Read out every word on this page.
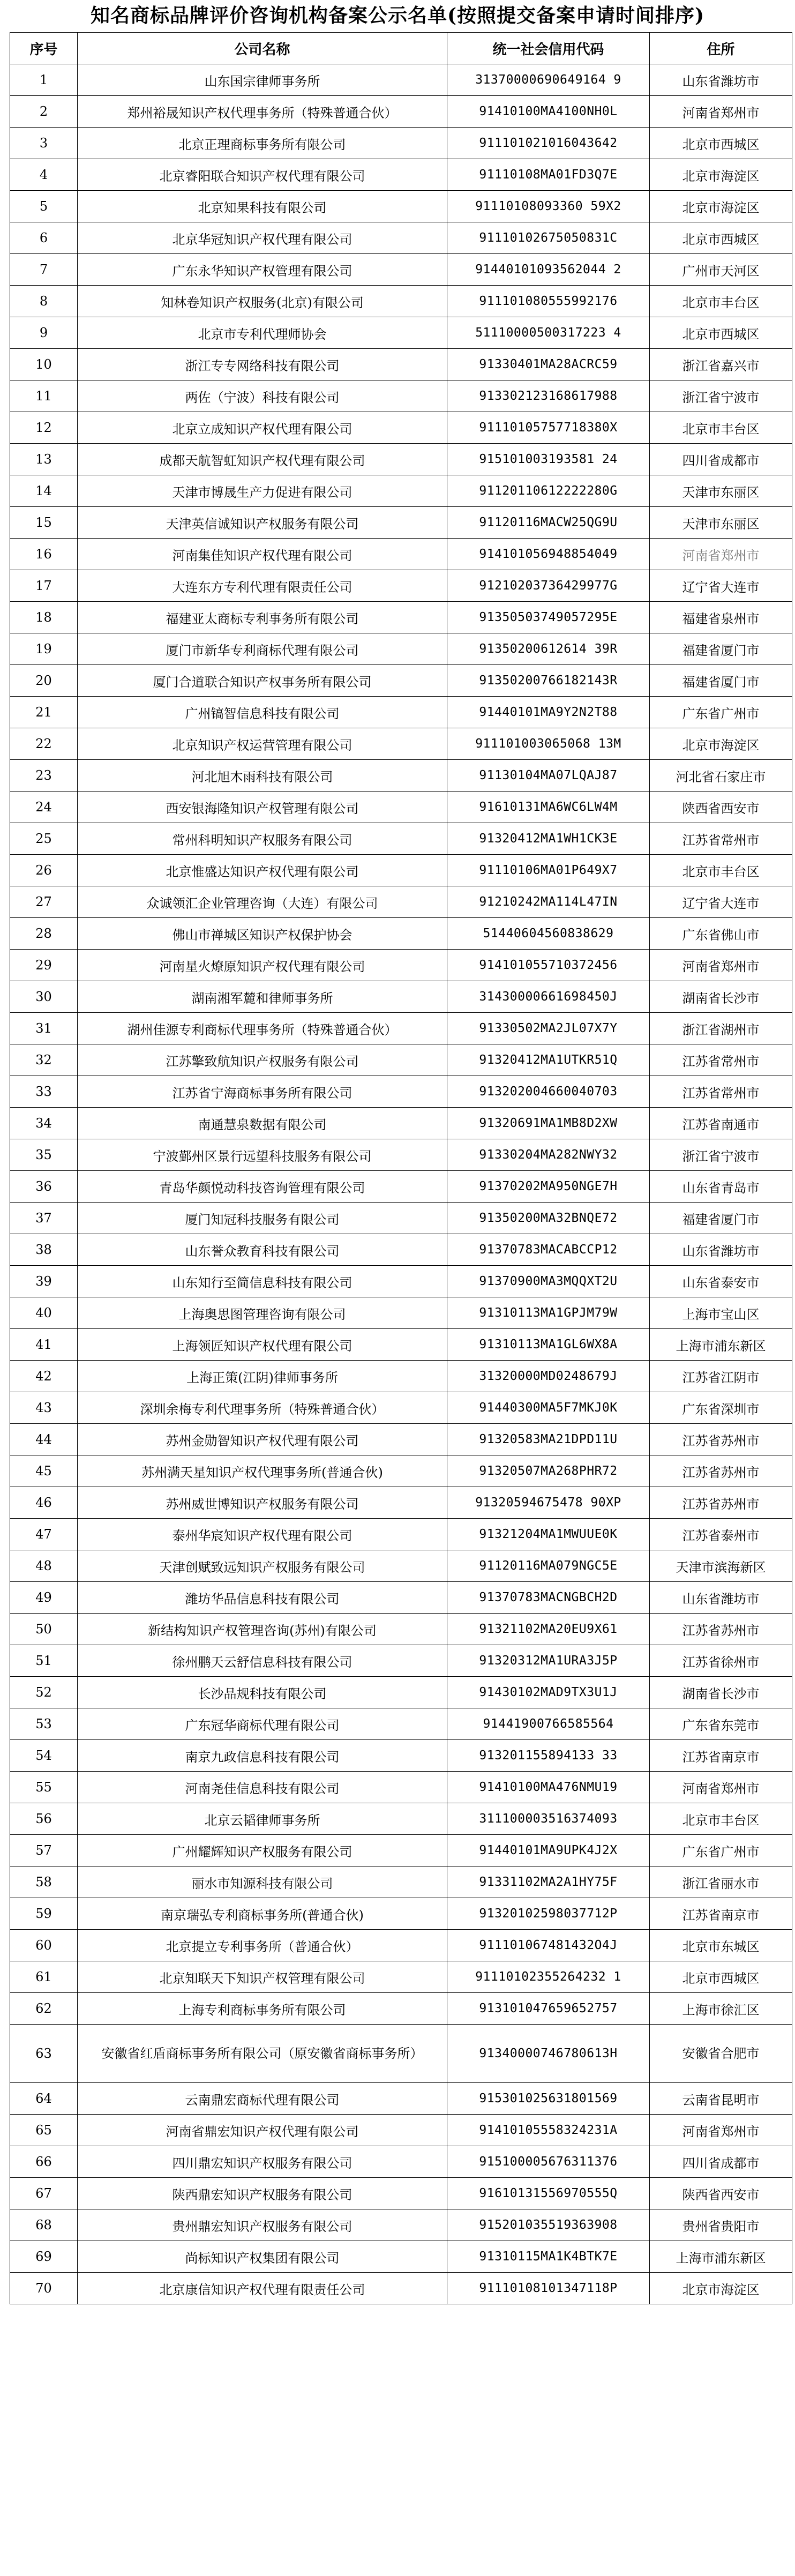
知名商标品牌评价咨询机构备案公示名单(按照提交备案申请时间排序)
序号	公司名称	统一社会信用代码	住所
1	山东国宗律师事务所	31370000690649164 9	山东省潍坊市
2	郑州裕晟知识产权代理事务所（特殊普通合伙）	91410100MA4100NH0L	河南省郑州市
3	北京正理商标事务所有限公司	911101021016043642	北京市西城区
4	北京睿阳联合知识产权代理有限公司	91110108MA01FD3Q7E	北京市海淀区
5	北京知果科技有限公司	91110108093360 59X2	北京市海淀区
6	北京华冠知识产权代理有限公司	91110102675050831C	北京市西城区
7	广东永华知识产权管理有限公司	91440101093562044 2	广州市天河区
8	知林卷知识产权服务(北京)有限公司	911101080555992176	北京市丰台区
9	北京市专利代理师协会	51110000500317223 4	北京市西城区
10	浙江专专网络科技有限公司	91330401MA28ACRC59	浙江省嘉兴市
11	两佐（宁波）科技有限公司	913302123168617988	浙江省宁波市
12	北京立成知识产权代理有限公司	91110105757718380X	北京市丰台区
13	成都天航智虹知识产权代理有限公司	915101003193581 24	四川省成都市
14	天津市博晟生产力促进有限公司	91120110612222280G	天津市东丽区
15	天津英信诚知识产权服务有限公司	91120116MACW25QG9U	天津市东丽区
16	河南集佳知识产权代理有限公司	914101056948854049	河南省郑州市
17	大连东方专利代理有限责任公司	91210203736429977G	辽宁省大连市
18	福建亚太商标专利事务所有限公司	91350503749057295E	福建省泉州市
19	厦门市新华专利商标代理有限公司	91350200612614 39R	福建省厦门市
20	厦门合道联合知识产权事务所有限公司	91350200766182143R	福建省厦门市
21	广州镐智信息科技有限公司	91440101MA9Y2N2T88	广东省广州市
22	北京知识产权运营管理有限公司	911101003065068 13M	北京市海淀区
23	河北旭木雨科技有限公司	91130104MA07LQAJ87	河北省石家庄市
24	西安银海隆知识产权管理有限公司	91610131MA6WC6LW4M	陕西省西安市
25	常州科明知识产权服务有限公司	91320412MA1WH1CK3E	江苏省常州市
26	北京惟盛达知识产权代理有限公司	91110106MA01P649X7	北京市丰台区
27	众诚领汇企业管理咨询（大连）有限公司	91210242MA114L47IN	辽宁省大连市
28	佛山市禅城区知识产权保护协会	51440604560838629	广东省佛山市
29	河南星火燎原知识产权代理有限公司	914101055710372456	河南省郑州市
30	湖南湘军麓和律师事务所	31430000661698450J	湖南省长沙市
31	湖州佳源专利商标代理事务所（特殊普通合伙）	91330502MA2JL07X7Y	浙江省湖州市
32	江苏擎致航知识产权服务有限公司	91320412MA1UTKR51Q	江苏省常州市
33	江苏省宁海商标事务所有限公司	913202004660040703	江苏省常州市
34	南通慧泉数据有限公司	91320691MA1MB8D2XW	江苏省南通市
35	宁波鄞州区景行远望科技服务有限公司	91330204MA282NWY32	浙江省宁波市
36	青岛华颜悦动科技咨询管理有限公司	91370202MA950NGE7H	山东省青岛市
37	厦门知冠科技服务有限公司	91350200MA32BNQE72	福建省厦门市
38	山东誉众教育科技有限公司	91370783MACABCCP12	山东省潍坊市
39	山东知行至简信息科技有限公司	91370900MA3MQQXT2U	山东省泰安市
40	上海奥思图管理咨询有限公司	91310113MA1GPJM79W	上海市宝山区
41	上海领匠知识产权代理有限公司	91310113MA1GL6WX8A	上海市浦东新区
42	上海正策(江阴)律师事务所	31320000MD0248679J	江苏省江阴市
43	深圳余梅专利代理事务所（特殊普通合伙）	91440300MA5F7MKJ0K	广东省深圳市
44	苏州金勋智知识产权代理有限公司	91320583MA21DPD11U	江苏省苏州市
45	苏州满天星知识产权代理事务所(普通合伙)	91320507MA268PHR72	江苏省苏州市
46	苏州威世博知识产权服务有限公司	91320594675478 90XP	江苏省苏州市
47	泰州华宸知识产权代理有限公司	91321204MA1MWUUE0K	江苏省泰州市
48	天津创赋致远知识产权服务有限公司	91120116MA079NGC5E	天津市滨海新区
49	潍坊华品信息科技有限公司	91370783MACNGBCH2D	山东省潍坊市
50	新结构知识产权管理咨询(苏州)有限公司	91321102MA20EU9X61	江苏省苏州市
51	徐州鹏天云舒信息科技有限公司	91320312MA1URA3J5P	江苏省徐州市
52	长沙品规科技有限公司	91430102MAD9TX3U1J	湖南省长沙市
53	广东冠华商标代理有限公司	91441900766585564	广东省东莞市
54	南京九政信息科技有限公司	913201155894133 33	江苏省南京市
55	河南尧佳信息科技有限公司	91410100MA476NMU19	河南省郑州市
56	北京云韬律师事务所	311100003516374093	北京市丰台区
57	广州耀辉知识产权服务有限公司	91440101MA9UPK4J2X	广东省广州市
58	丽水市知源科技有限公司	91331102MA2A1HY75F	浙江省丽水市
59	南京瑞弘专利商标事务所(普通合伙)	91320102598037712P	江苏省南京市
60	北京提立专利事务所（普通合伙）	911101067481432O4J	北京市东城区
61	北京知联天下知识产权管理有限公司	91110102355264232 1	北京市西城区
62	上海专利商标事务所有限公司	913101047659652757	上海市徐汇区
63	安徽省红盾商标事务所有限公司（原安徽省商标事务所）	91340000746780613H	安徽省合肥市
64	云南鼎宏商标代理有限公司	915301025631801569	云南省昆明市
65	河南省鼎宏知识产权代理有限公司	91410105558324231A	河南省郑州市
66	四川鼎宏知识产权服务有限公司	915100005676311376	四川省成都市
67	陕西鼎宏知识产权服务有限公司	91610131556970555Q	陕西省西安市
68	贵州鼎宏知识产权服务有限公司	915201035519363908	贵州省贵阳市
69	尚标知识产权集团有限公司	91310115MA1K4BTK7E	上海市浦东新区
70	北京康信知识产权代理有限责任公司	91110108101347118P	北京市海淀区
